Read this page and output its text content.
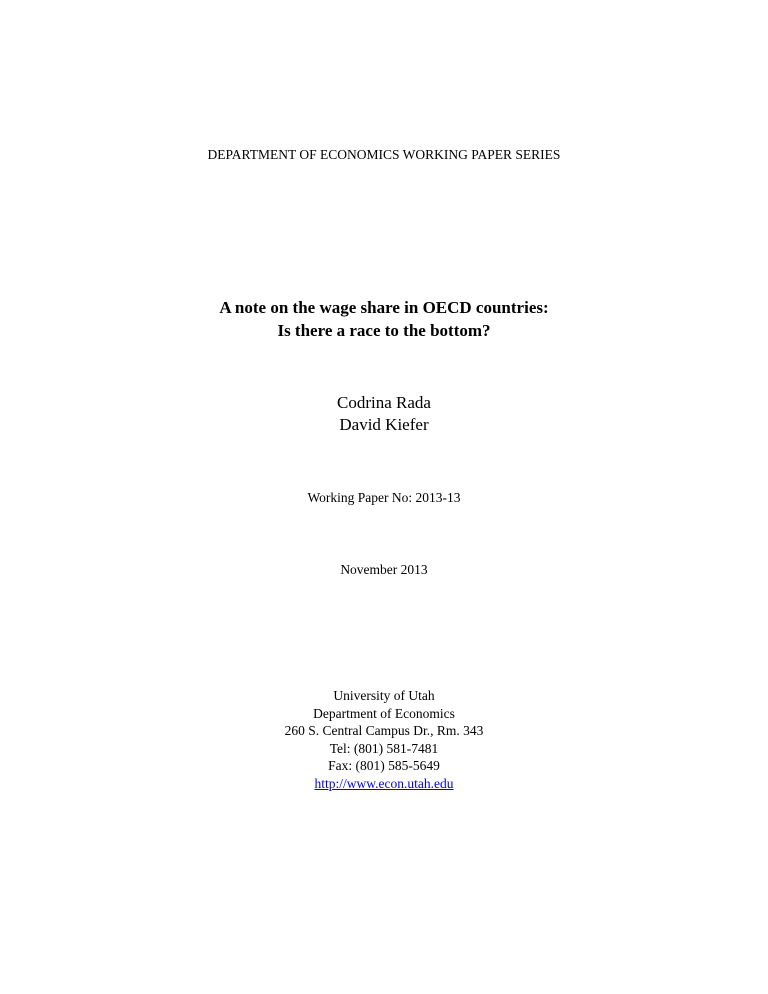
DEPARTMENT OF ECONOMICS WORKING PAPER SERIES
A note on the wage share in OECD countries:
Is there a race to the bottom?
Codrina Rada
David Kiefer
Working Paper No: 2013-13
November 2013
University of Utah
Department of Economics
260 S. Central Campus Dr., Rm. 343
Tel: (801) 581-7481
Fax: (801) 585-5649
http://www.econ.utah.edu
